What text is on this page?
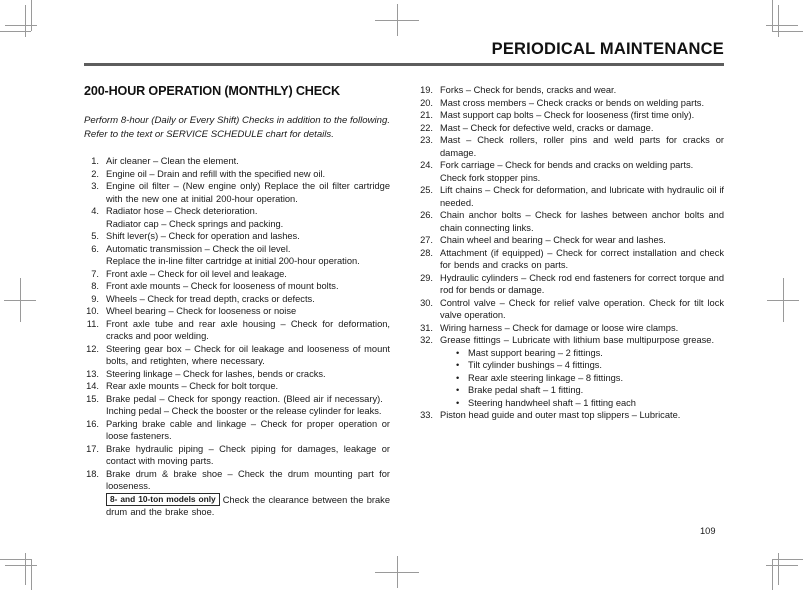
PERIODICAL MAINTENANCE
200-HOUR OPERATION (MONTHLY) CHECK
Perform 8-hour (Daily or Every Shift) Checks in addition to the following. Refer to the text or SERVICE SCHEDULE chart for details.
1. Air cleaner – Clean the element.
2. Engine oil – Drain and refill with the specified new oil.
3. Engine oil filter – (New engine only) Replace the oil filter cartridge with the new one at initial 200-hour operation.
4. Radiator hose – Check deterioration.
Radiator cap – Check springs and packing.
5. Shift lever(s) – Check for operation and lashes.
6. Automatic transmission – Check the oil level.
Replace the in-line filter cartridge at initial 200-hour operation.
7. Front axle – Check for oil level and leakage.
8. Front axle mounts – Check for looseness of mount bolts.
9. Wheels – Check for tread depth, cracks or defects.
10. Wheel bearing – Check for looseness or noise
11. Front axle tube and rear axle housing – Check for deformation, cracks and poor welding.
12. Steering gear box – Check for oil leakage and looseness of mount bolts, and retighten, where necessary.
13. Steering linkage – Check for lashes, bends or cracks.
14. Rear axle mounts – Check for bolt torque.
15. Brake pedal – Check for spongy reaction. (Bleed air if necessary).
Inching pedal – Check the booster or the release cylinder for leaks.
16. Parking brake cable and linkage – Check for proper operation or loose fasteners.
17. Brake hydraulic piping – Check piping for damages, leakage or contact with moving parts.
18. Brake drum & brake shoe – Check the drum mounting part for looseness.
8- and 10-ton models only Check the clearance between the brake drum and the brake shoe.
19. Forks – Check for bends, cracks and wear.
20. Mast cross members – Check cracks or bends on welding parts.
21. Mast support cap bolts – Check for looseness (first time only).
22. Mast – Check for defective weld, cracks or damage.
23. Mast – Check rollers, roller pins and weld parts for cracks or damage.
24. Fork carriage – Check for bends and cracks on welding parts.
Check fork stopper pins.
25. Lift chains – Check for deformation, and lubricate with hydraulic oil if needed.
26. Chain anchor bolts – Check for lashes between anchor bolts and chain connecting links.
27. Chain wheel and bearing – Check for wear and lashes.
28. Attachment (if equipped) – Check for correct installation and check for bends and cracks on parts.
29. Hydraulic cylinders – Check rod end fasteners for correct torque and rod for bends or damage.
30. Control valve – Check for relief valve operation. Check for tilt lock valve operation.
31. Wiring harness – Check for damage or loose wire clamps.
32. Grease fittings – Lubricate with lithium base multipurpose grease.
• Mast support bearing – 2 fittings.
• Tilt cylinder bushings – 4 fittings.
• Rear axle steering linkage – 8 fittings.
• Brake pedal shaft – 1 fitting.
• Steering handwheel shaft – 1 fitting each
33. Piston head guide and outer mast top slippers – Lubricate.
109
